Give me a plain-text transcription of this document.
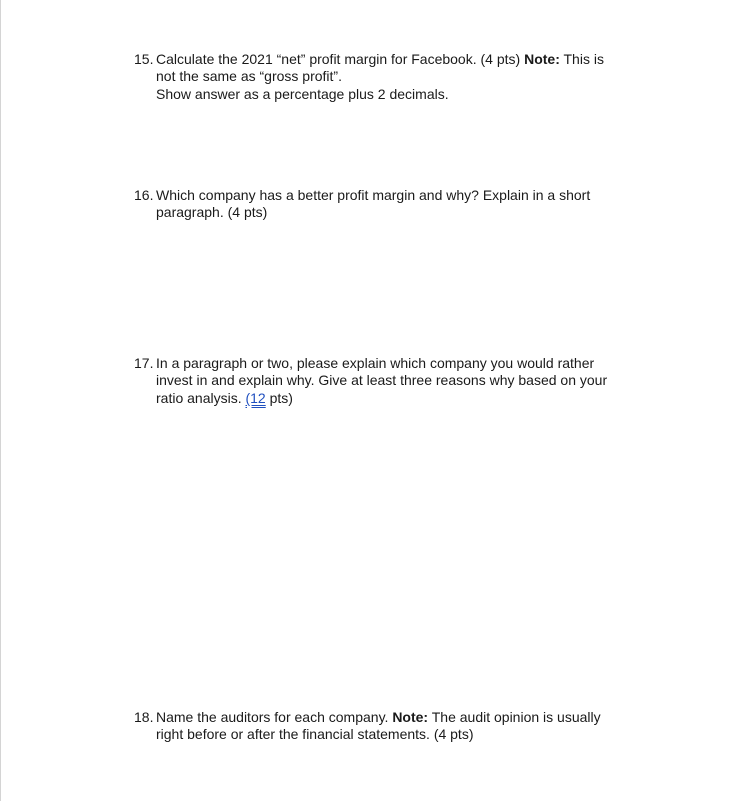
15. Calculate the 2021 “net” profit margin for Facebook. (4 pts) Note: This is
not the same as “gross profit”.
Show answer as a percentage plus 2 decimals.
16. Which company has a better profit margin and why? Explain in a short
paragraph. (4 pts)
17. In a paragraph or two, please explain which company you would rather
invest in and explain why. Give at least three reasons why based on your
ratio analysis. (12 pts)
18. Name the auditors for each company. Note: The audit opinion is usually
right before or after the financial statements. (4 pts)
